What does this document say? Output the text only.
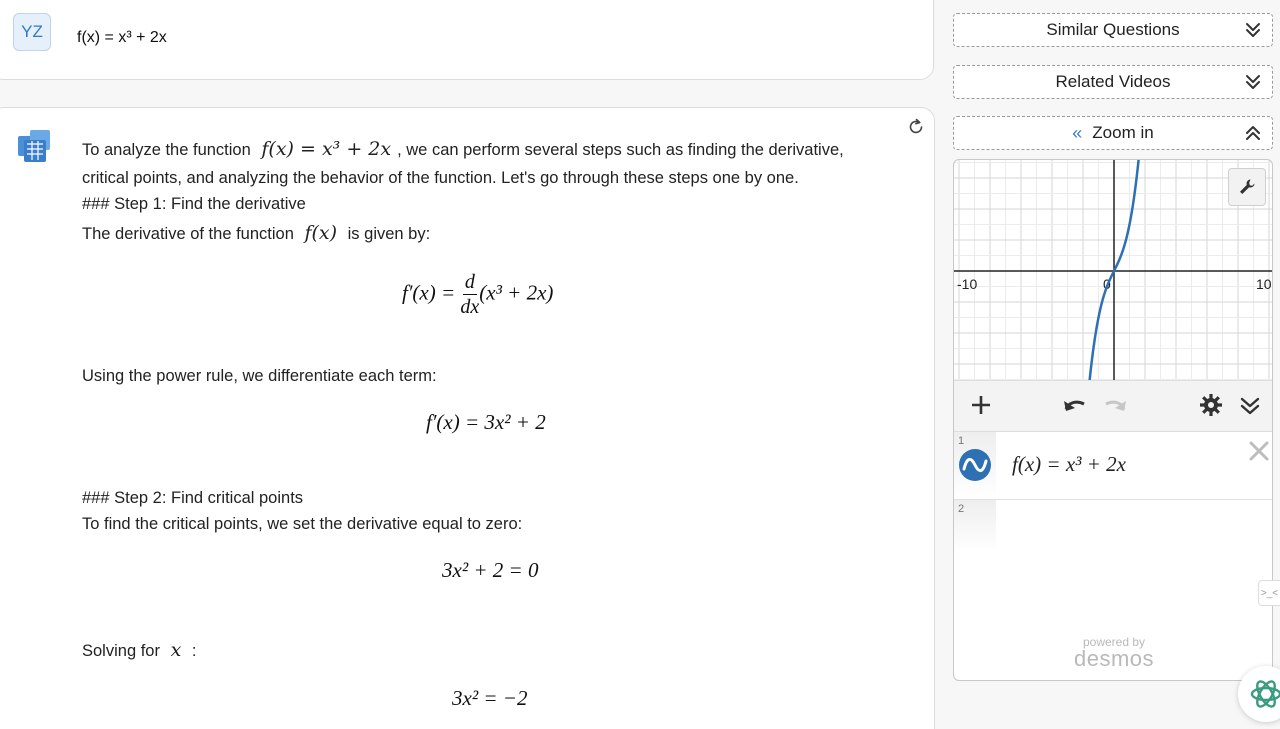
YZ	f(x) = x³ + 2x
To analyze the function f(x) = x³ + 2x , we can perform several steps such as finding the derivative,
critical points, and analyzing the behavior of the function. Let's go through these steps one by one.
### Step 1: Find the derivative
The derivative of the function f(x) is given by:
$f'(x) = \frac{d}{dx} (x^3 + 2x)$
Using the power rule, we differentiate each term:
f′(x) = 3x² + 2
### Step 2: Find critical points
To find the critical points, we set the derivative equal to zero:
3x² + 2 = 0
Solving for x :
3x² = −2
Similar Questions
Related Videos
« Zoom in
-10	0	10
1
f(x) = x³ + 2x
2
powered by
desmos
>_<
